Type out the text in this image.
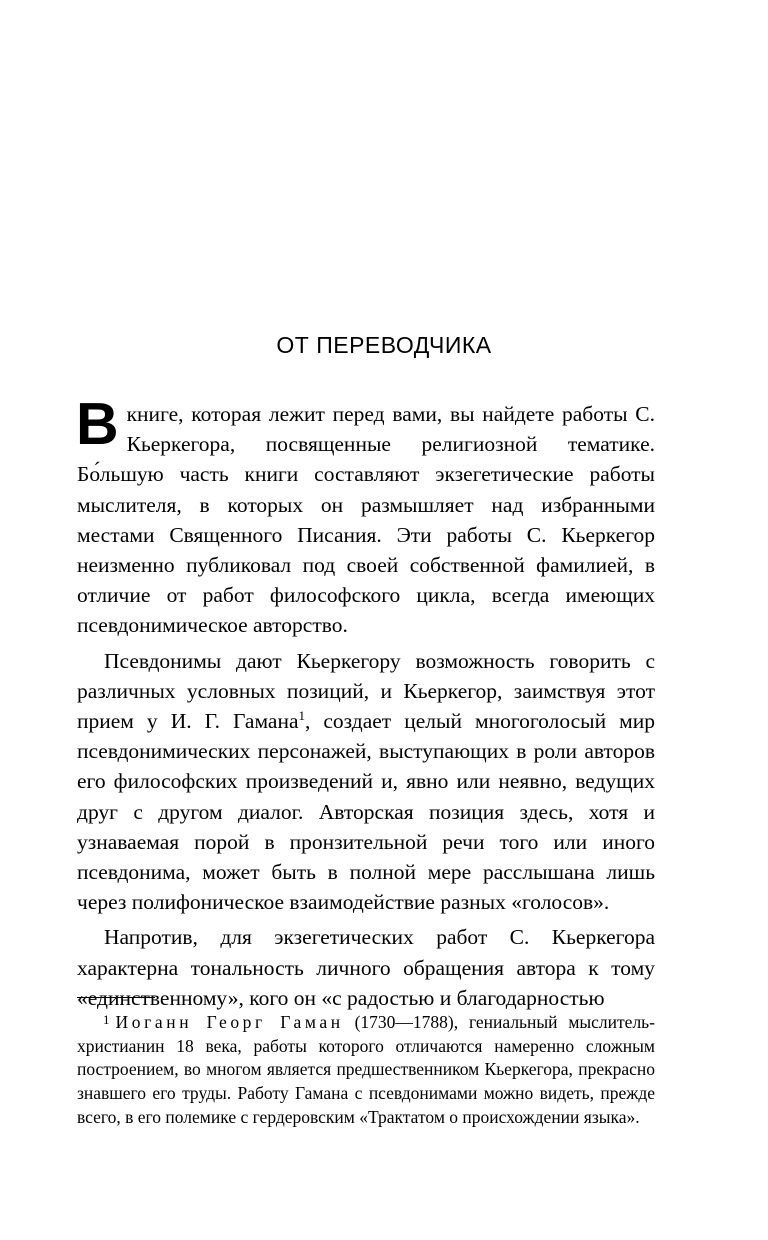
ОТ ПЕРЕВОДЧИКА

В книге, которая лежит перед вами, вы найдете работы С. Кьеркегора, посвященные религиозной тематике. Бо́льшую часть книги составляют экзегетические работы мыслителя, в которых он размышляет над избранными местами Священного Писания. Эти работы С. Кьеркегор неизменно публиковал под своей собственной фамилией, в отличие от работ философского цикла, всегда имеющих псевдонимическое авторство.

Псевдонимы дают Кьеркегору возможность говорить с различных условных позиций, и Кьеркегор, заимствуя этот прием у И. Г. Гамана$^1$, создает целый многоголосый мир псевдонимических персонажей, выступающих в роли авторов его философских произведений и, явно или неявно, ведущих друг с другом диалог. Авторская позиция здесь, хотя и узнаваемая порой в пронзительной речи того или иного псевдонима, может быть в полной мере расслышана лишь через полифоническое взаимодействие разных «голосов».

Напротив, для экзегетических работ С. Кьеркегора характерна тональность личного обращения автора к тому «единственному», кого он «с радостью и благодарностью

$^1$ Иоганн Георг Гаман (1730—1788), гениальный мыслитель-христианин 18 века, работы которого отличаются намеренно сложным построением, во многом является предшественником Кьеркегора, прекрасно знавшего его труды. Работу Гамана с псевдонимами можно видеть, прежде всего, в его полемике с гердеровским «Трактатом о происхождении языка».
